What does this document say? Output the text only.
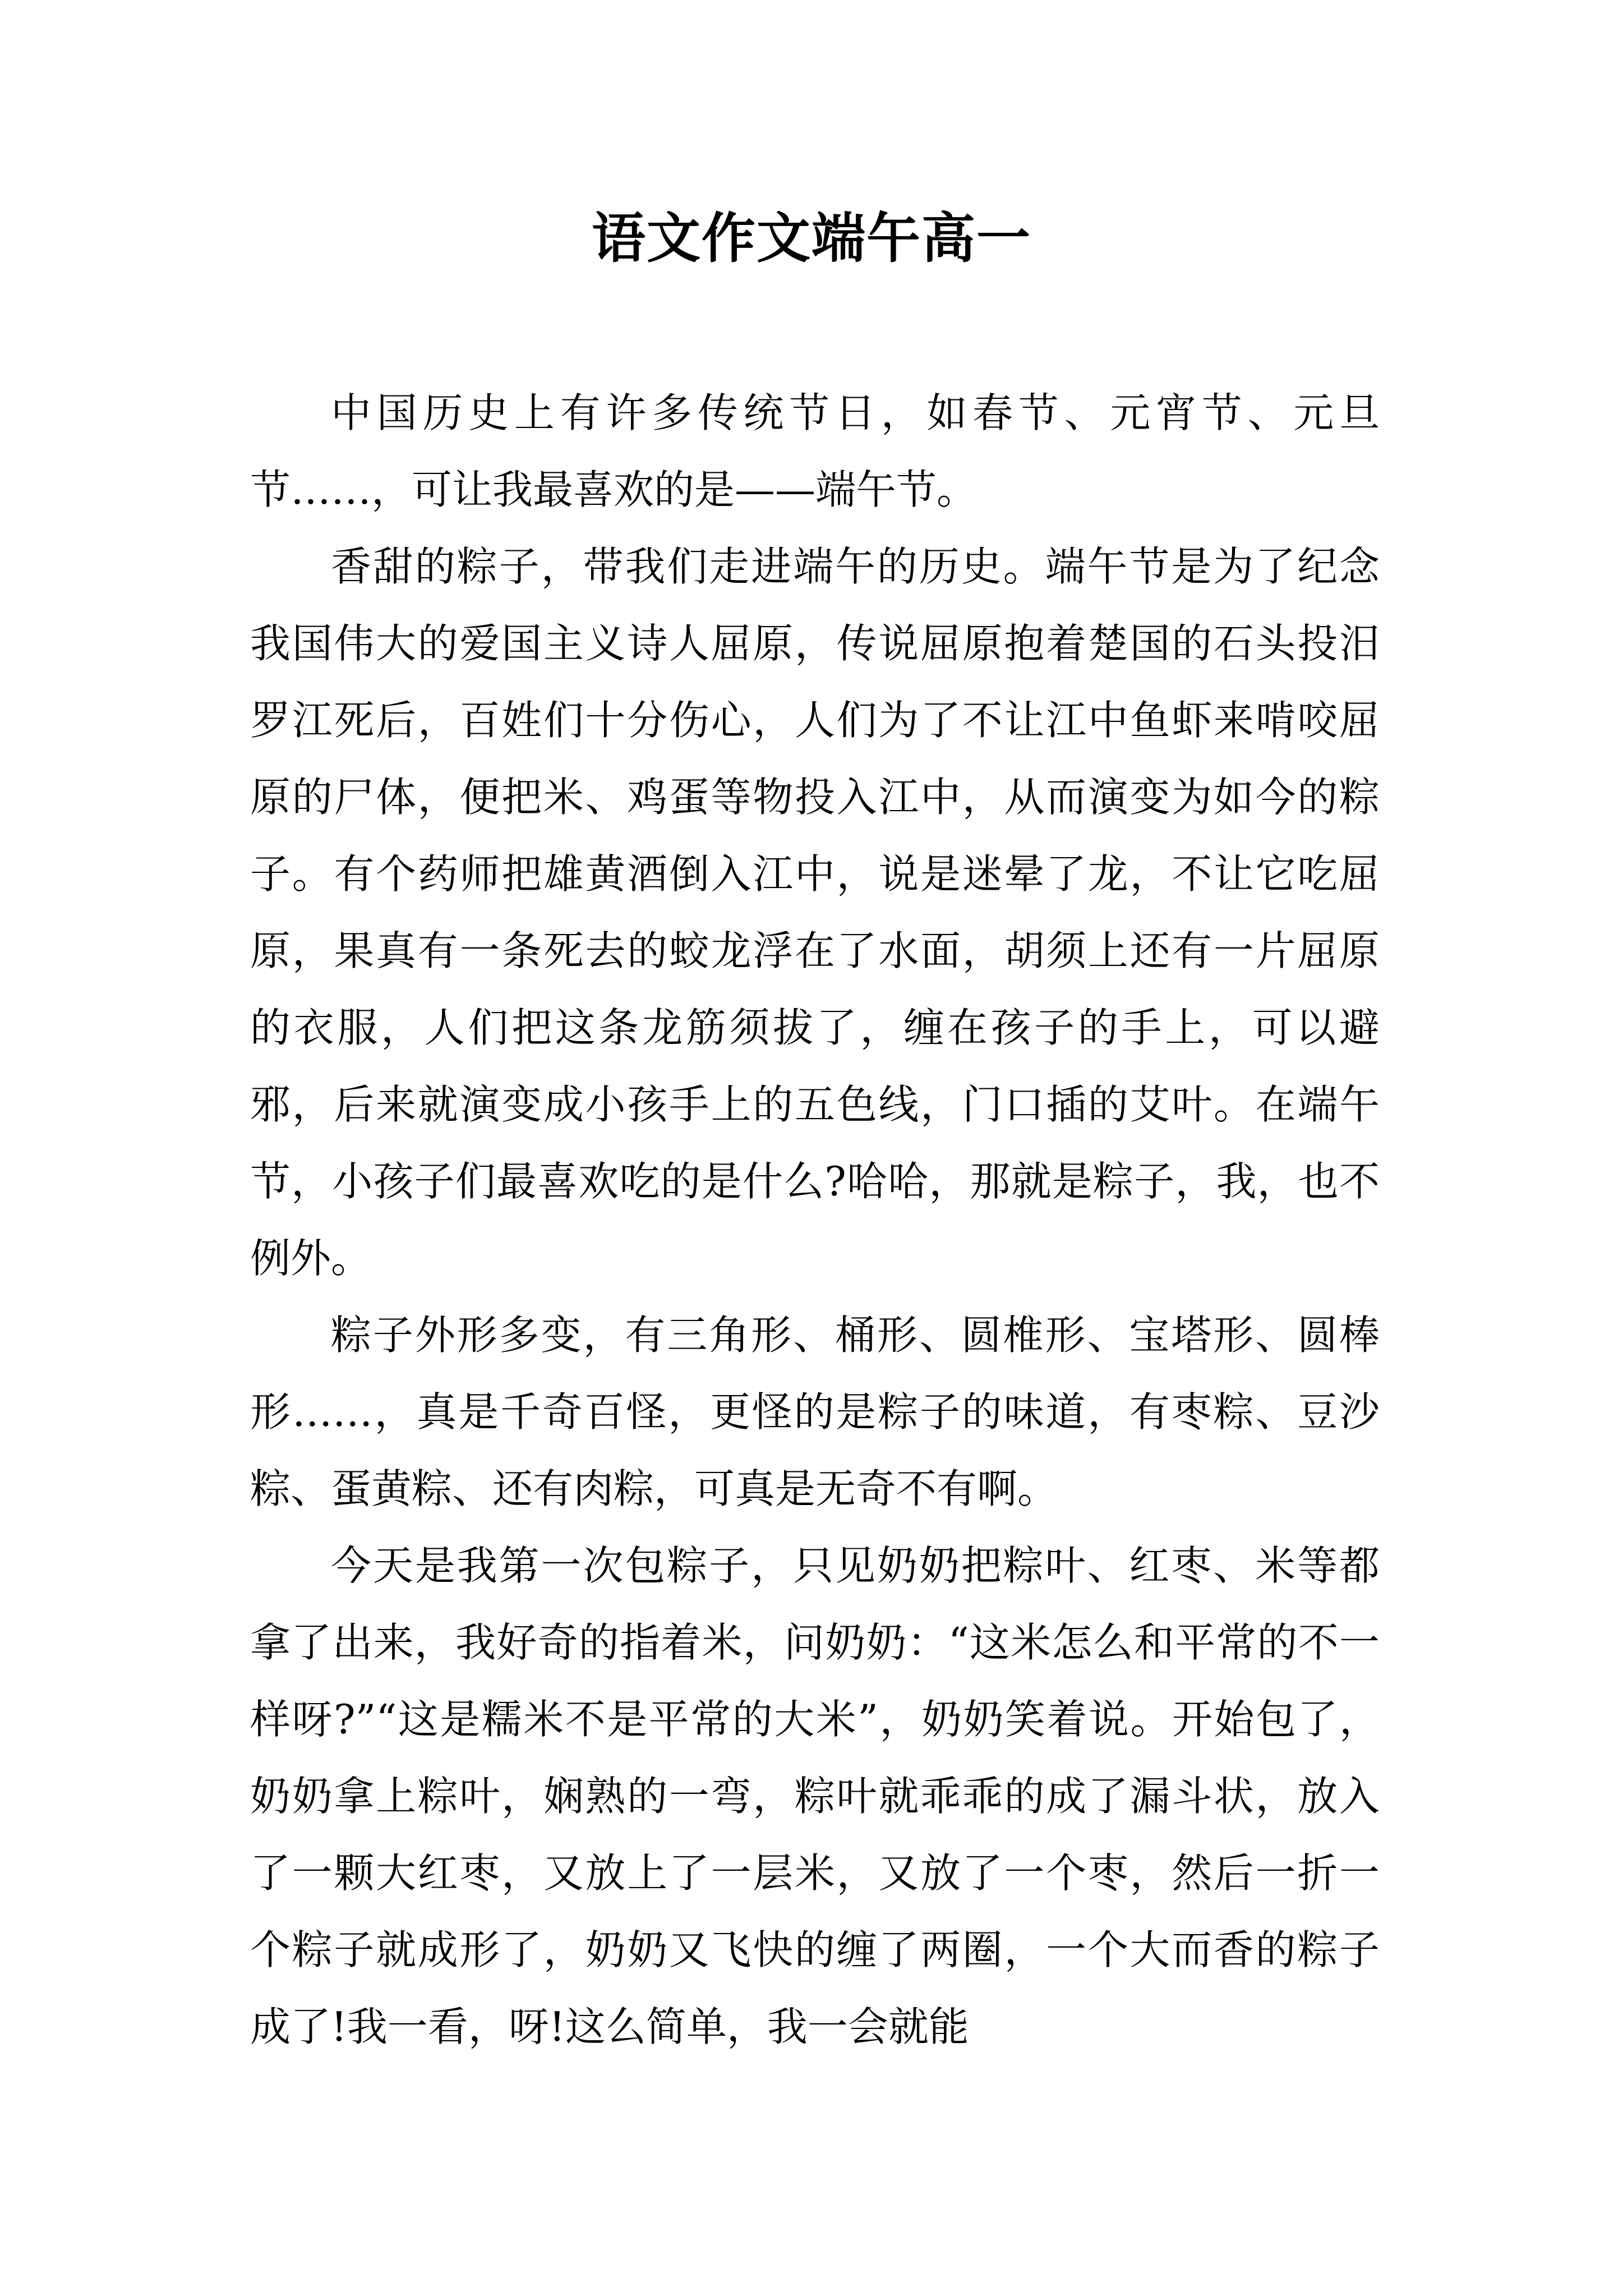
语文作文端午高一

中国历史上有许多传统节日，如春节、元宵节、元旦节……，可让我最喜欢的是——端午节。

香甜的粽子，带我们走进端午的历史。端午节是为了纪念我国伟大的爱国主义诗人屈原，传说屈原抱着楚国的石头投汨罗江死后，百姓们十分伤心，人们为了不让江中鱼虾来啃咬屈原的尸体，便把米、鸡蛋等物投入江中，从而演变为如今的粽子。有个药师把雄黄酒倒入江中，说是迷晕了龙，不让它吃屈原，果真有一条死去的蛟龙浮在了水面，胡须上还有一片屈原的衣服，人们把这条龙筋须拔了，缠在孩子的手上，可以避邪，后来就演变成小孩手上的五色线，门口插的艾叶。在端午节，小孩子们最喜欢吃的是什么?哈哈，那就是粽子，我，也不例外。

粽子外形多变，有三角形、桶形、圆椎形、宝塔形、圆棒形……，真是千奇百怪，更怪的是粽子的味道，有枣粽、豆沙粽、蛋黄粽、还有肉粽，可真是无奇不有啊。

今天是我第一次包粽子，只见奶奶把粽叶、红枣、米等都拿了出来，我好奇的指着米，问奶奶：“这米怎么和平常的不一样呀?”“这是糯米不是平常的大米”，奶奶笑着说。开始包了，奶奶拿上粽叶，娴熟的一弯，粽叶就乖乖的成了漏斗状，放入了一颗大红枣，又放上了一层米，又放了一个枣，然后一折一个粽子就成形了，奶奶又飞快的缠了两圈，一个大而香的粽子成了!我一看，呀!这么简单，我一会就能
